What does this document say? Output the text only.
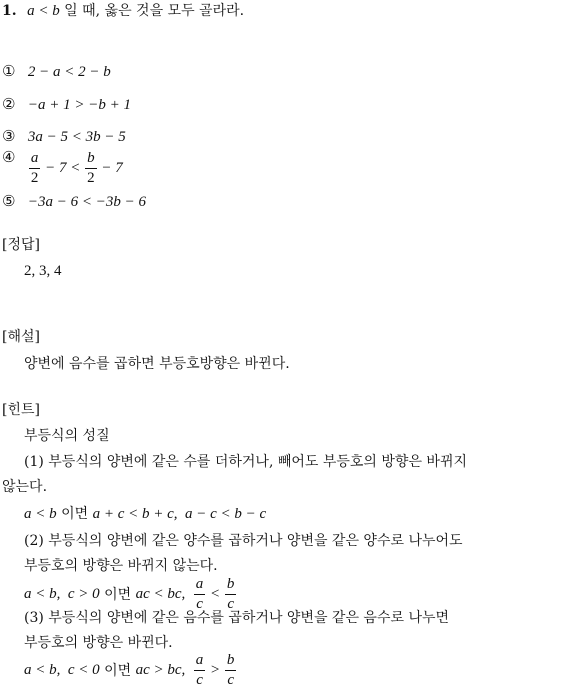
1. a < b 일 때, 옳은 것을 모두 골라라.
① 2 − a < 2 − b
② −a + 1 > −b + 1
③ 3a − 5 < 3b − 5
④ $\frac{a}{2} - 7 < \frac{b}{2} - 7$
⑤ −3a − 6 < −3b − 6
[정답]
2, 3, 4
[해설]
양변에 음수를 곱하면 부등호방향은 바뀐다.
[힌트]
부등식의 성질
(1) 부등식의 양변에 같은 수를 더하거나, 빼어도 부등호의 방향은 바뀌지
않는다.
a < b 이면 a + c < b + c,  a − c < b − c
(2) 부등식의 양변에 같은 양수를 곱하거나 양변을 같은 양수로 나누어도
부등호의 방향은 바뀌지 않는다.
a < b,  c > 0 이면 ac < bc, $\frac{a}{c} < \frac{b}{c}$
(3) 부등식의 양변에 같은 음수를 곱하거나 양변을 같은 음수로 나누면
부등호의 방향은 바뀐다.
a < b,  c < 0 이면 ac > bc, $\frac{a}{c} > \frac{b}{c}$
